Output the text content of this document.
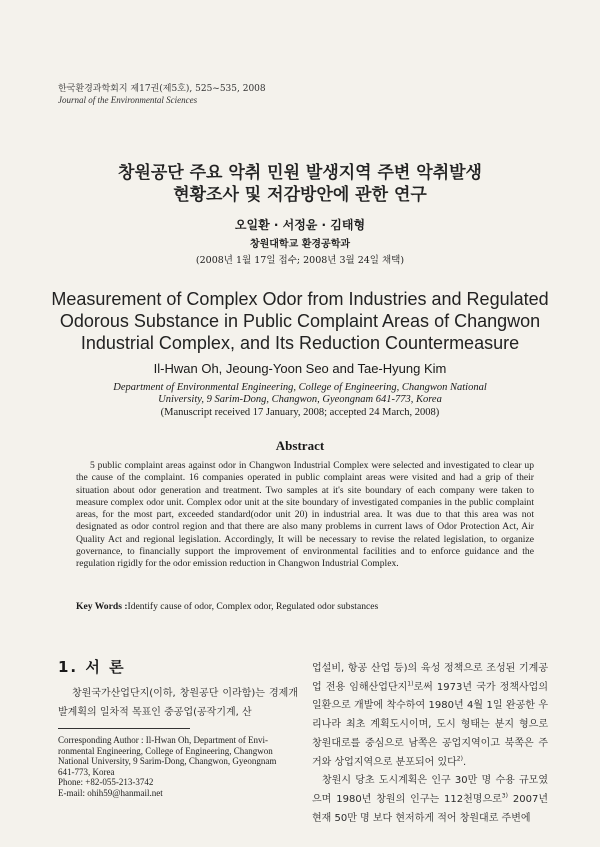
한국환경과학회지 제17권(제5호), 525~535, 2008
Journal of the Environmental Sciences
창원공단 주요 악취 민원 발생지역 주변 악취발생
현황조사 및 저감방안에 관한 연구
오일환 · 서정윤 · 김태형
창원대학교 환경공학과
(2008년 1월 17일 접수; 2008년 3월 24일 채택)
Measurement of Complex Odor from Industries and Regulated
Odorous Substance in Public Complaint Areas of Changwon
Industrial Complex, and Its Reduction Countermeasure
Il-Hwan Oh, Jeoung-Yoon Seo and Tae-Hyung Kim
Department of Environmental Engineering, College of Engineering, Changwon National
University, 9 Sarim-Dong, Changwon, Gyeongnam 641-773, Korea
(Manuscript received 17 January, 2008; accepted 24 March, 2008)
Abstract
5 public complaint areas against odor in Changwon Industrial Complex were selected and investigated to clear up the cause of the complaint. 16 companies operated in public complaint areas were visited and had a grip of their situation about odor generation and treatment. Two samples at it's site boundary of each company were taken to measure complex odor unit. Complex odor unit at the site boundary of investigated companies in the public complaint areas, for the most part, exceeded standard(odor unit 20) in industrial area. It was due to that this area was not designated as odor control region and that there are also many problems in current laws of Odor Protection Act, Air Quality Act and regional legislation. Accordingly, It will be necessary to revise the related legislation, to organize governance, to financially support the improvement of environmental facilities and to enforce guidance and the regulation rigidly for the odor emission reduction in Changwon Industrial Complex.
Key Words :Identify cause of odor, Complex odor, Regulated odor substances
1. 서 론
창원국가산업단지(이하, 창원공단 이라함)는 경제개발계획의 일차적 목표인 중공업(공작기계, 산
Corresponding Author : Il-Hwan Oh, Department of Envi-
ronmental Engineering, College of Engineering, Changwon
National University, 9 Sarim-Dong, Changwon, Gyeongnam
641-773, Korea
Phone: +82-055-213-3742
E-mail: ohih59@hanmail.net

업설비, 항공 산업 등)의 육성 정책으로 조성된 기계공업 전용 임해산업단지$^{1)}$로써 1973년 국가 정책사업의 일환으로 개발에 착수하여 1980년 4월 1일 완공한 우리나라 최초 계획도시이며, 도시 형태는 분지 형으로 창원대로를 중심으로 남쪽은 공업지역이고 북쪽은 주거와 상업지역으로 분포되어 있다$^{2)}$.

창원시 당초 도시계획은 인구 30만 명 수용 규모였으며 1980년 창원의 인구는 112천명으로$^{3)}$ 2007년 현재 50만 명 보다 현저하게 적어 창원대로 주변에
